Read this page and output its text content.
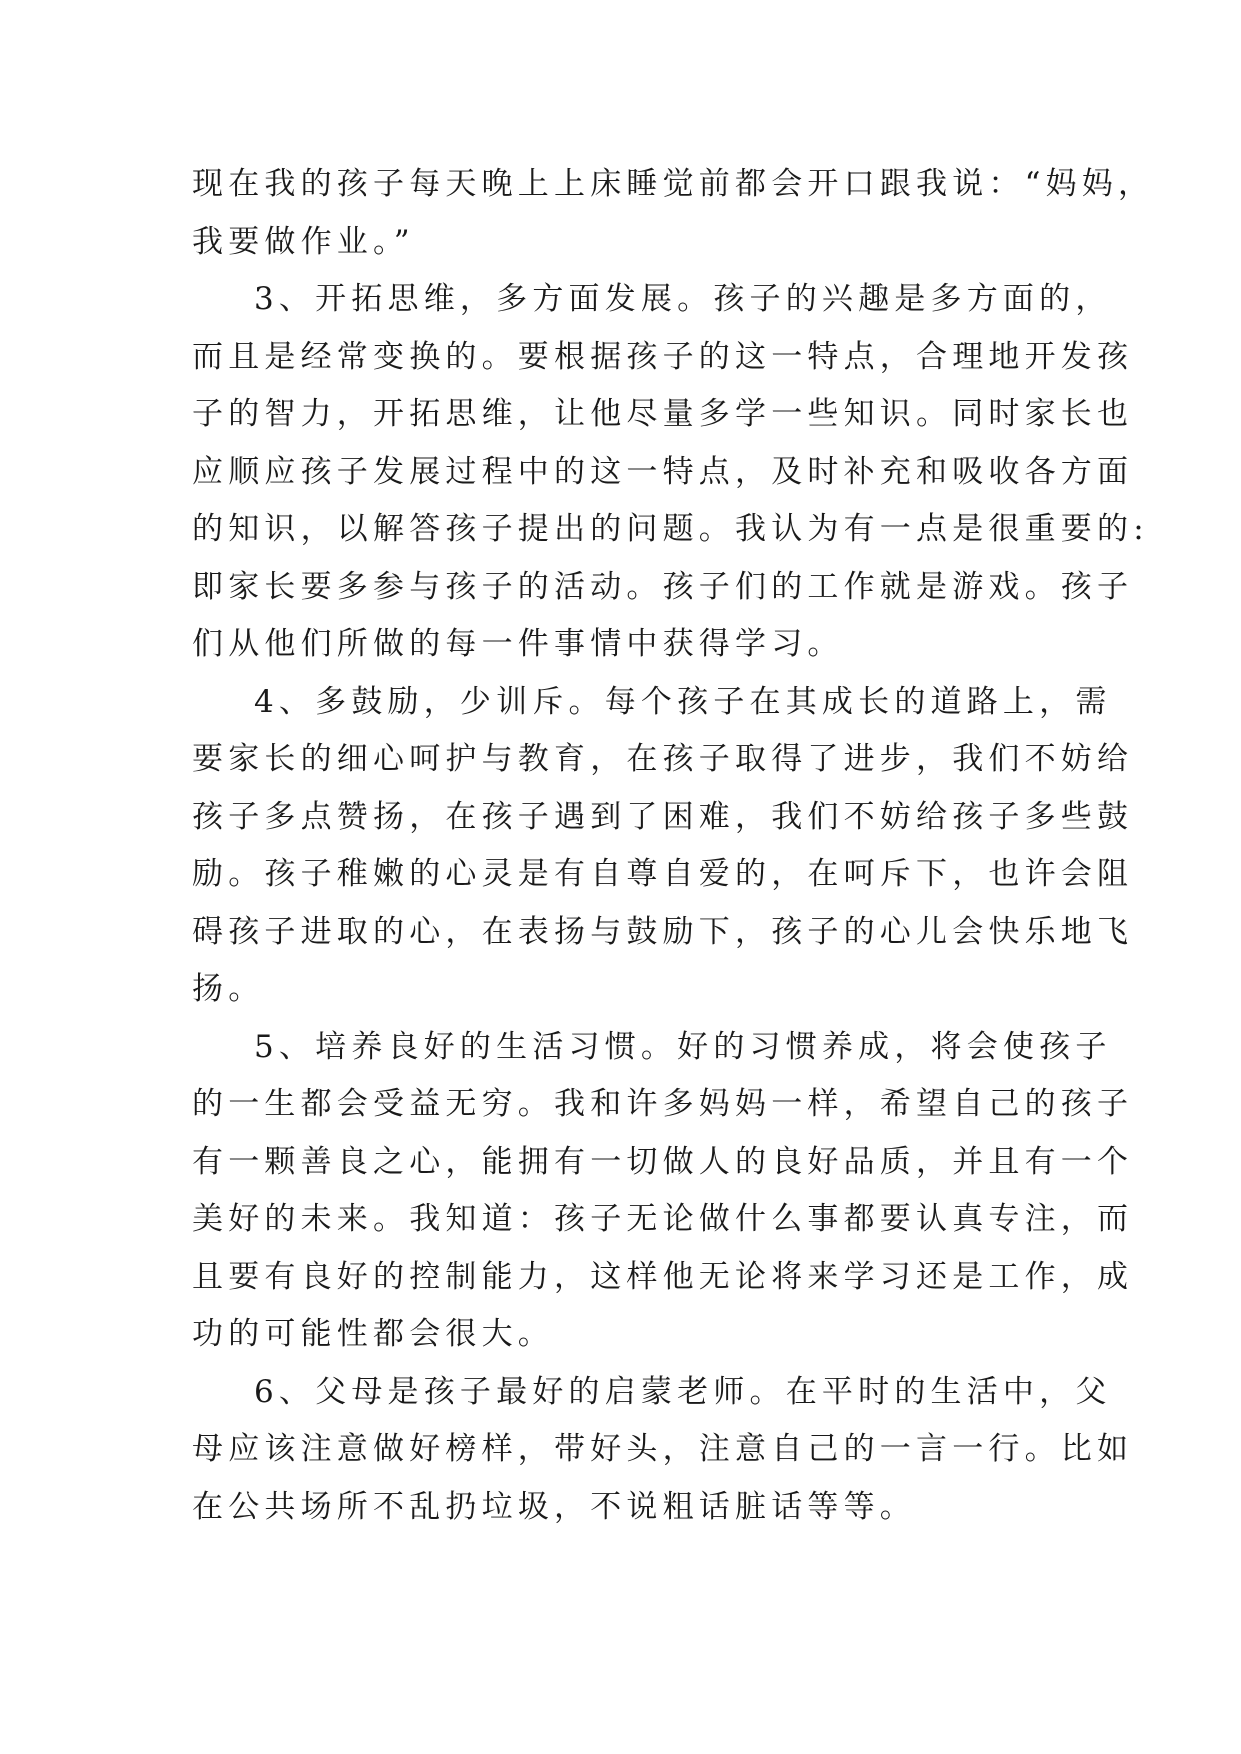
现在我的孩子每天晚上上床睡觉前都会开口跟我说：“妈妈，
我要做作业。”
3、开拓思维，多方面发展。孩子的兴趣是多方面的，
而且是经常变换的。要根据孩子的这一特点，合理地开发孩
子的智力，开拓思维，让他尽量多学一些知识。同时家长也
应顺应孩子发展过程中的这一特点，及时补充和吸收各方面
的知识，以解答孩子提出的问题。我认为有一点是很重要的:
即家长要多参与孩子的活动。孩子们的工作就是游戏。孩子
们从他们所做的每一件事情中获得学习。
4、多鼓励，少训斥。每个孩子在其成长的道路上，需
要家长的细心呵护与教育，在孩子取得了进步，我们不妨给
孩子多点赞扬，在孩子遇到了困难，我们不妨给孩子多些鼓
励。孩子稚嫩的心灵是有自尊自爱的，在呵斥下，也许会阻
碍孩子进取的心，在表扬与鼓励下，孩子的心儿会快乐地飞
扬。
5、培养良好的生活习惯。好的习惯养成，将会使孩子
的一生都会受益无穷。我和许多妈妈一样，希望自己的孩子
有一颗善良之心，能拥有一切做人的良好品质，并且有一个
美好的未来。我知道：孩子无论做什么事都要认真专注，而
且要有良好的控制能力，这样他无论将来学习还是工作，成
功的可能性都会很大。
6、父母是孩子最好的启蒙老师。在平时的生活中，父
母应该注意做好榜样，带好头，注意自己的一言一行。比如
在公共场所不乱扔垃圾，不说粗话脏话等等。
